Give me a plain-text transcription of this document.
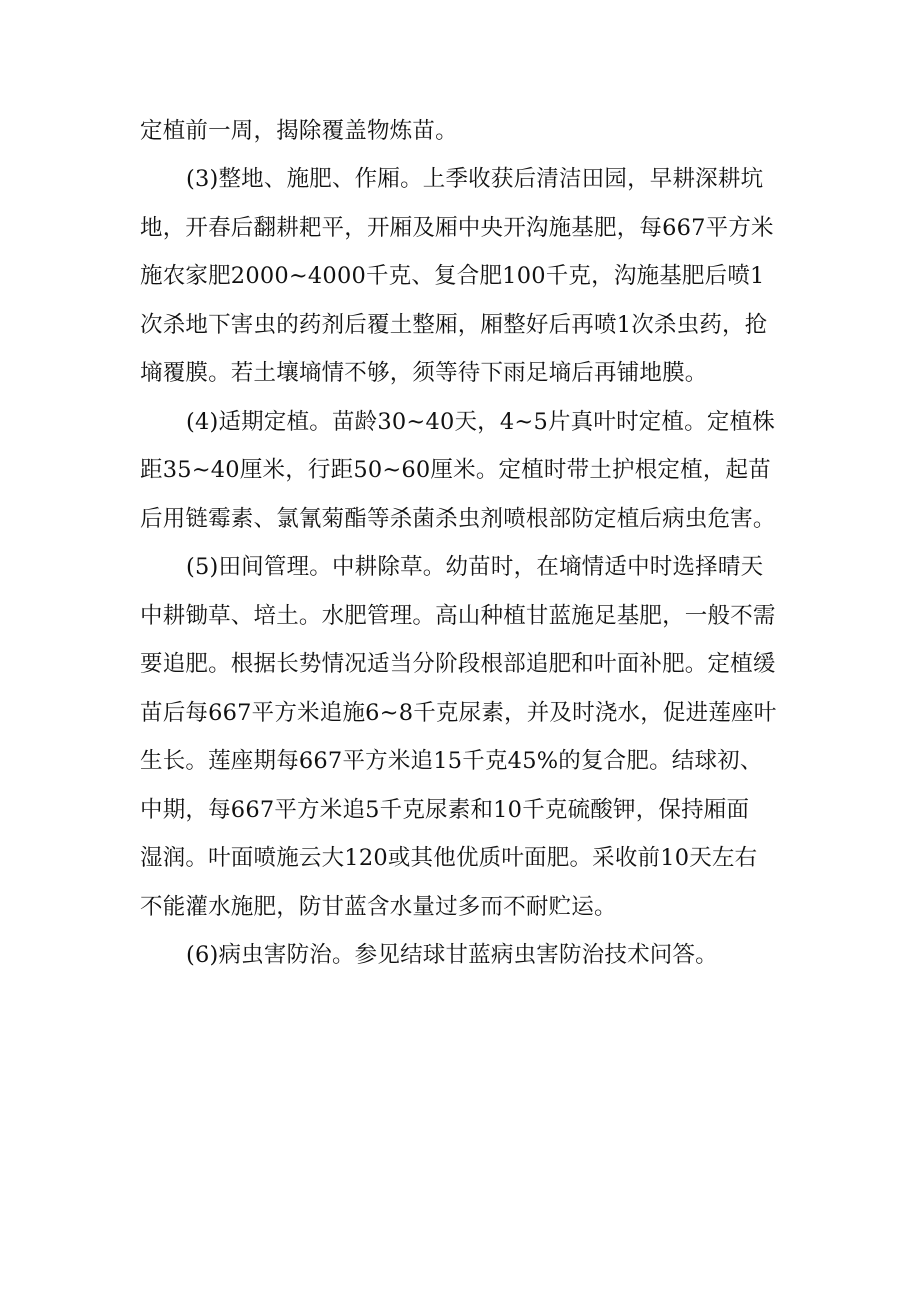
定植前一周，揭除覆盖物炼苗。
(3)整地、施肥、作厢。上季收获后清洁田园，早耕深耕坑
地，开春后翻耕耙平，开厢及厢中央开沟施基肥，每667平方米
施农家肥2000~4000千克、复合肥100千克，沟施基肥后喷1
次杀地下害虫的药剂后覆土整厢，厢整好后再喷1次杀虫药，抢
墒覆膜。若土壤墒情不够，须等待下雨足墒后再铺地膜。
(4)适期定植。苗龄30~40天，4~5片真叶时定植。定植株
距35~40厘米，行距50~60厘米。定植时带土护根定植，起苗
后用链霉素、氯氰菊酯等杀菌杀虫剂喷根部防定植后病虫危害。
(5)田间管理。中耕除草。幼苗时，在墒情适中时选择晴天
中耕锄草、培土。水肥管理。高山种植甘蓝施足基肥，一般不需
要追肥。根据长势情况适当分阶段根部追肥和叶面补肥。定植缓
苗后每667平方米追施6~8千克尿素，并及时浇水，促进莲座叶
生长。莲座期每667平方米追15千克45%的复合肥。结球初、
中期，每667平方米追5千克尿素和10千克硫酸钾，保持厢面
湿润。叶面喷施云大120或其他优质叶面肥。采收前10天左右
不能灌水施肥，防甘蓝含水量过多而不耐贮运。
(6)病虫害防治。参见结球甘蓝病虫害防治技术问答。
